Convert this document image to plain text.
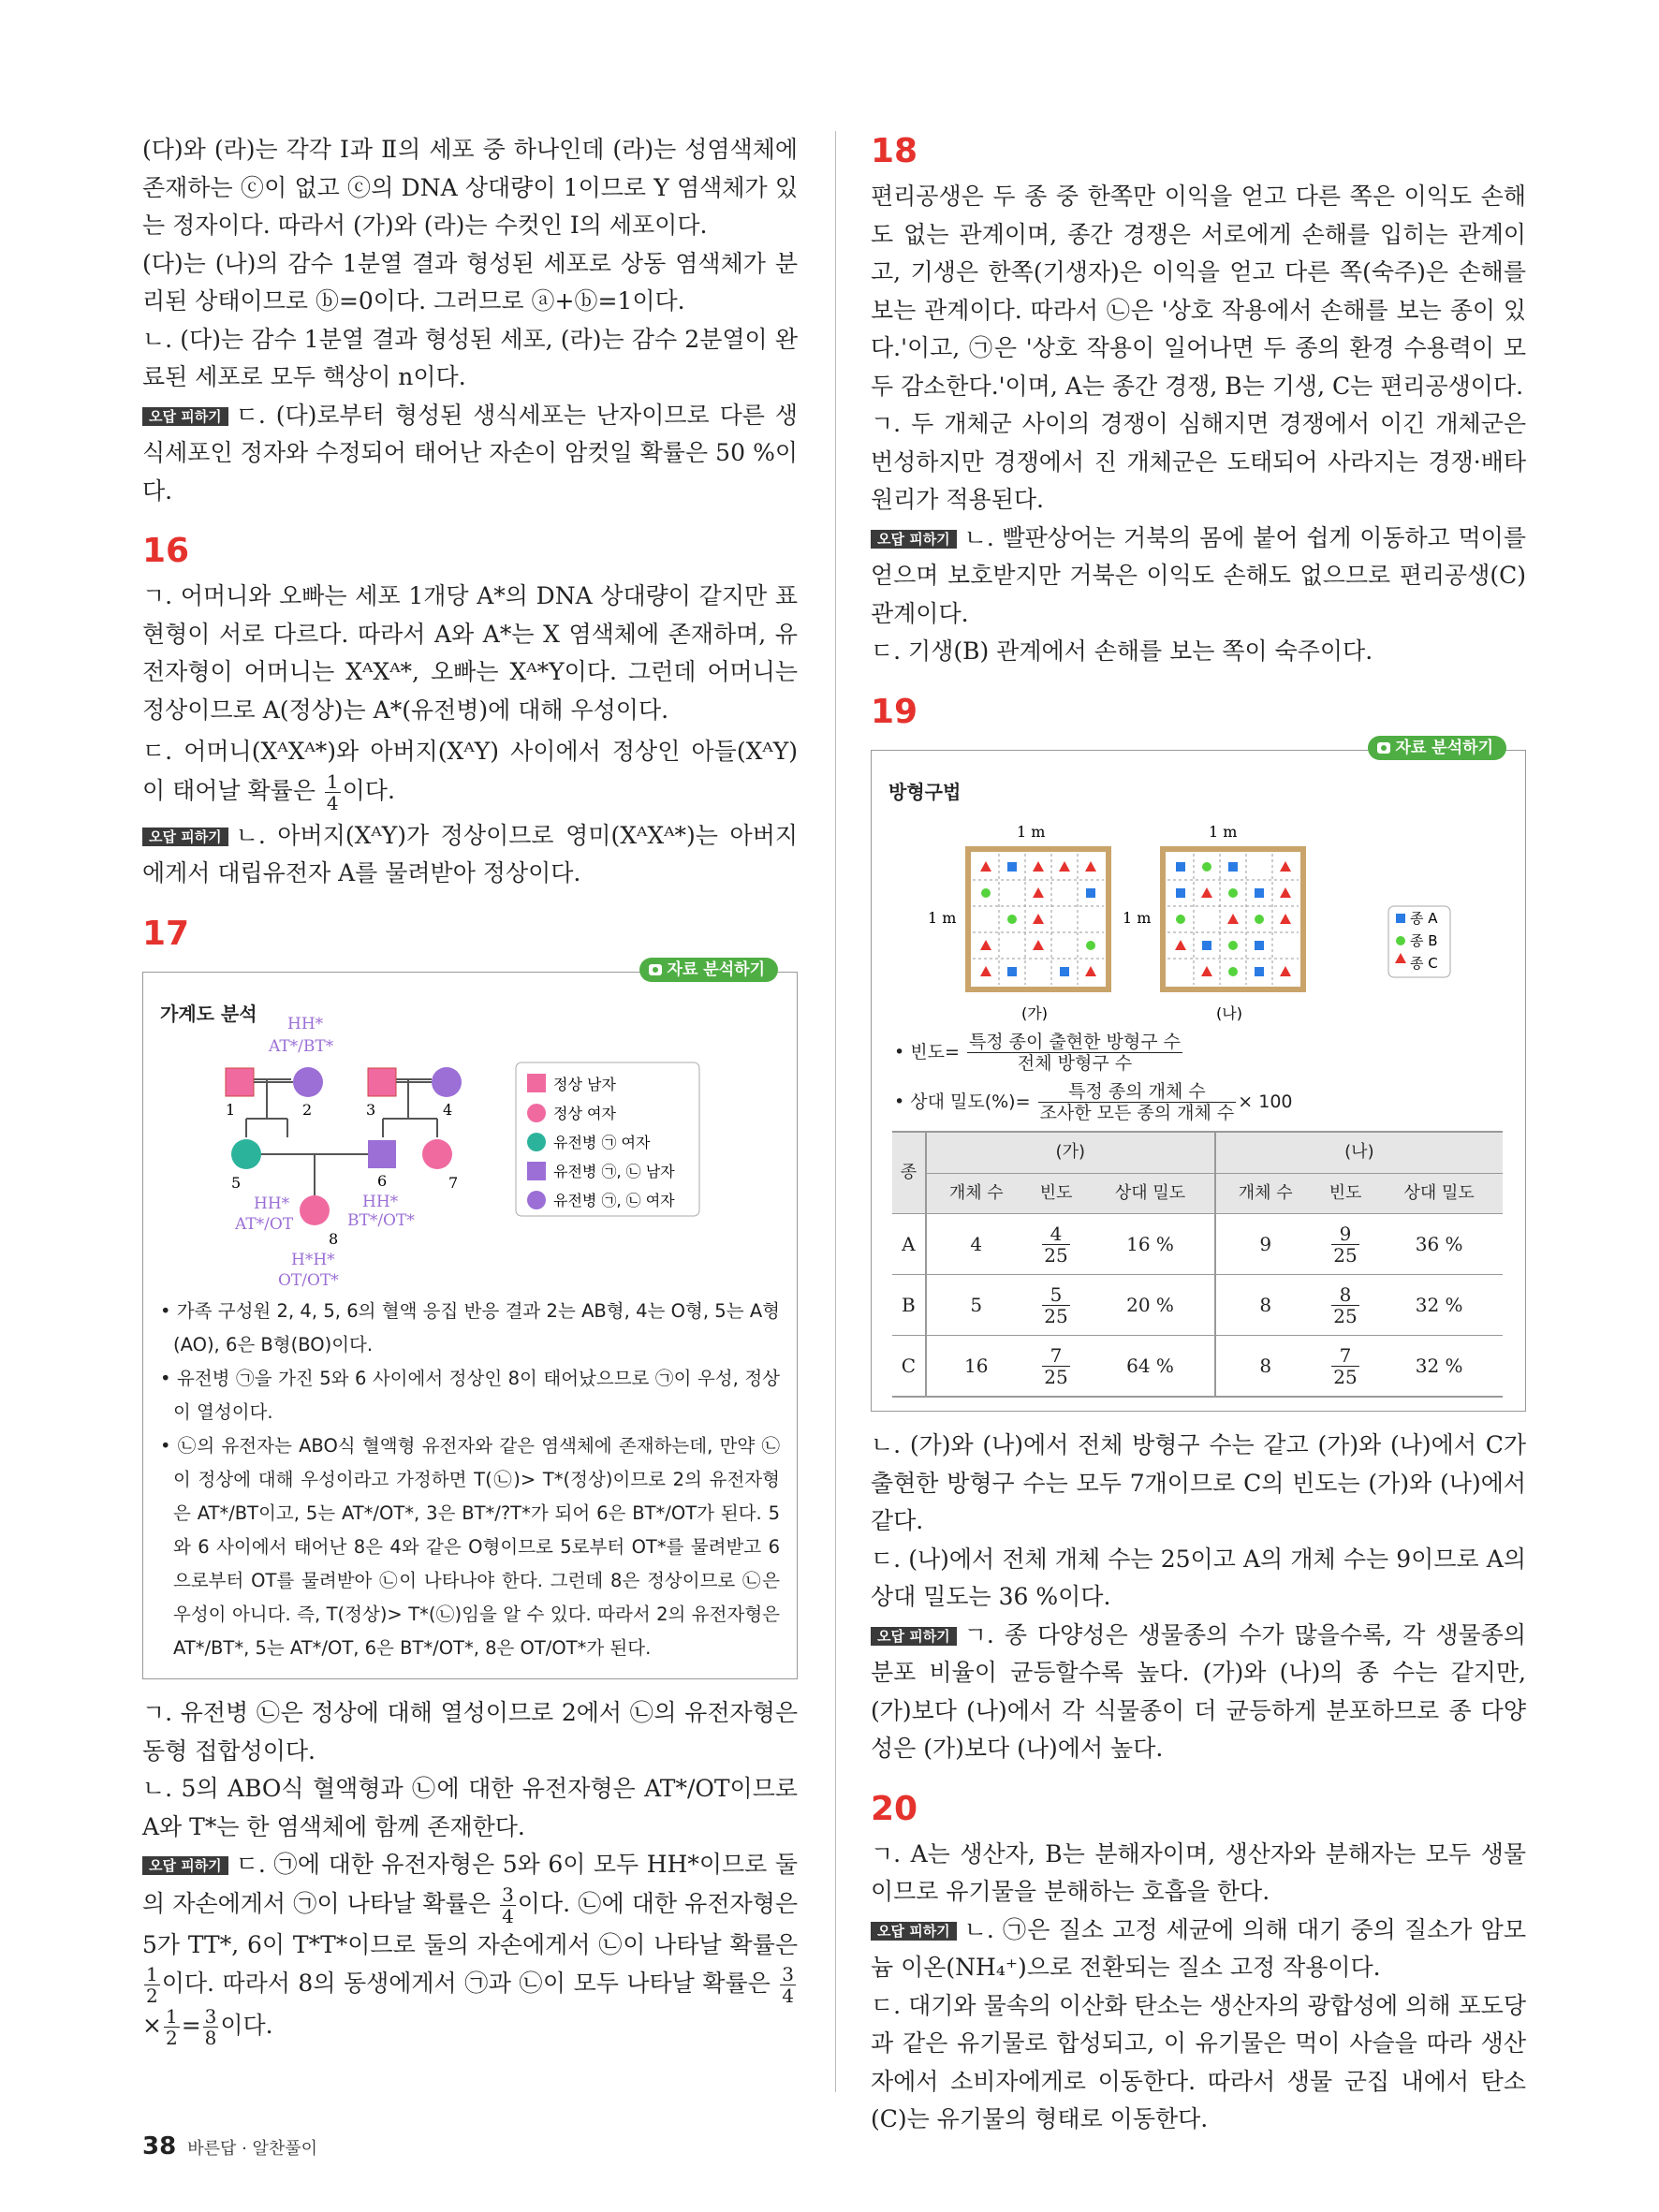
(다)와 (라)는 각각 Ⅰ과 Ⅱ의 세포 중 하나인데 (라)는 성염색체에 존재하는 ⓒ이 없고 ⓒ의 DNA 상대량이 1이므로 Y 염색체가 있는 정자이다. 따라서 (가)와 (라)는 수컷인 Ⅰ의 세포이다.

(다)는 (나)의 감수 1분열 결과 형성된 세포로 상동 염색체가 분리된 상태이므로 ⓑ=0이다. 그러므로 ⓐ+ⓑ=1이다.

ㄴ. (다)는 감수 1분열 결과 형성된 세포, (라)는 감수 2분열이 완료된 세포로 모두 핵상이 n이다.

오답 피하기 ㄷ. (다)로부터 형성된 생식세포는 난자이므로 다른 생식세포인 정자와 수정되어 태어난 자손이 암컷일 확률은 50 %이다.

16

ㄱ. 어머니와 오빠는 세포 1개당 A*의 DNA 상대량이 같지만 표현형이 서로 다르다. 따라서 A와 A*는 X 염색체에 존재하며, 유전자형이 어머니는 XᴬXᴬ*, 오빠는 Xᴬ*Y이다. 그런데 어머니는 정상이므로 A(정상)는 A*(유전병)에 대해 우성이다.

ㄷ. 어머니(XᴬXᴬ*)와 아버지(XᴬY) 사이에서 정상인 아들(XᴬY)이 태어날 확률은 $\frac{1}{4}$ 이다.

오답 피하기 ㄴ. 아버지(XᴬY)가 정상이므로 영미(XᴬXᴬ*)는 아버지에게서 대립유전자 A를 물려받아 정상이다.

17
자료 분석하기
가계도 분석
1	2	3	4
5	6	7
8
HH*
AT*/BT*
HH*
AT*/OT
HH*
BT*/OT*
H*H*
OT/OT*
정상 남자
정상 여자
유전병 ㉠ 여자
유전병 ㉠, ㉡ 남자
유전병 ㉠, ㉡ 여자

• 가족 구성원 2, 4, 5, 6의 혈액 응집 반응 결과 2는 AB형, 4는 O형, 5는 A형(AO), 6은 B형(BO)이다.

• 유전병 ㉠을 가진 5와 6 사이에서 정상인 8이 태어났으므로 ㉠이 우성, 정상이 열성이다.

• ㉡의 유전자는 ABO식 혈액형 유전자와 같은 염색체에 존재하는데, 만약 ㉡이 정상에 대해 우성이라고 가정하면 T(㉡)> T*(정상)이므로 2의 유전자형은 AT*/BT이고, 5는 AT*/OT*, 3은 BT*/?T*가 되어 6은 BT*/OT가 된다. 5와 6 사이에서 태어난 8은 4와 같은 O형이므로 5로부터 OT*를 물려받고 6으로부터 OT를 물려받아 ㉡이 나타나야 한다. 그런데 8은 정상이므로 ㉡은 우성이 아니다. 즉, T(정상)> T*(㉡)임을 알 수 있다. 따라서 2의 유전자형은 AT*/BT*, 5는 AT*/OT, 6은 BT*/OT*, 8은 OT/OT*가 된다.

ㄱ. 유전병 ㉡은 정상에 대해 열성이므로 2에서 ㉡의 유전자형은 동형 접합성이다.

ㄴ. 5의 ABO식 혈액형과 ㉡에 대한 유전자형은 AT*/OT이므로 A와 T*는 한 염색체에 함께 존재한다.

오답 피하기 ㄷ. ㉠에 대한 유전자형은 5와 6이 모두 HH*이므로 둘의 자손에게서 ㉠이 나타날 확률은 $\frac{3}{4}$ 이다. ㉡에 대한 유전자형은 5가 TT*, 6이 T*T*이므로 둘의 자손에게서 ㉡이 나타날 확률은
$\frac{1}{2}$ 이다. 따라서 8의 동생에게서 ㉠과 ㉡이 모두 나타날 확률은 $\frac{3}{4}$
× $\frac{1}{2} = \frac{3}{8}$ 이다.

18

편리공생은 두 종 중 한쪽만 이익을 얻고 다른 쪽은 이익도 손해도 없는 관계이며, 종간 경쟁은 서로에게 손해를 입히는 관계이고, 기생은 한쪽(기생자)은 이익을 얻고 다른 쪽(숙주)은 손해를 보는 관계이다. 따라서 ㉡은 '상호 작용에서 손해를 보는 종이 있다.'이고, ㉠은 '상호 작용이 일어나면 두 종의 환경 수용력이 모두 감소한다.'이며, A는 종간 경쟁, B는 기생, C는 편리공생이다.

ㄱ. 두 개체군 사이의 경쟁이 심해지면 경쟁에서 이긴 개체군은 번성하지만 경쟁에서 진 개체군은 도태되어 사라지는 경쟁·배타 원리가 적용된다.

오답 피하기 ㄴ. 빨판상어는 거북의 몸에 붙어 쉽게 이동하고 먹이를 얻으며 보호받지만 거북은 이익도 손해도 없으므로 편리공생(C) 관계이다.

ㄷ. 기생(B) 관계에서 손해를 보는 쪽이 숙주이다.

19
자료 분석하기
방형구법
1 m	1 m
1 m	1 m
(가)	(나)
종 A
종 B
종 C
• 빈도= $\frac{\text{특정 종이 출현한 방형구 수}}{\text{전체 방형구 수}}$
• 상대 밀도(%)= $\frac{\text{특정 종의 개체 수}}{\text{조사한 모든 종의 개체 수}} \times 100$
종	(가)			(나)		
	개체 수	빈도	상대 밀도	개체 수	빈도	상대 밀도
A	4	$\frac{4}{25}$	16 %	9	$\frac{9}{25}$	36 %
B	5	$\frac{5}{25}$	20 %	8	$\frac{8}{25}$	32 %
C	16	$\frac{7}{25}$	64 %	8	$\frac{7}{25}$	32 %

ㄴ. (가)와 (나)에서 전체 방형구 수는 같고 (가)와 (나)에서 C가 출현한 방형구 수는 모두 7개이므로 C의 빈도는 (가)와 (나)에서 같다.

ㄷ. (나)에서 전체 개체 수는 25이고 A의 개체 수는 9이므로 A의 상대 밀도는 36 %이다.

오답 피하기 ㄱ. 종 다양성은 생물종의 수가 많을수록, 각 생물종의 분포 비율이 균등할수록 높다. (가)와 (나)의 종 수는 같지만, (가)보다 (나)에서 각 식물종이 더 균등하게 분포하므로 종 다양성은 (가)보다 (나)에서 높다.

20

ㄱ. A는 생산자, B는 분해자이며, 생산자와 분해자는 모두 생물이므로 유기물을 분해하는 호흡을 한다.

오답 피하기 ㄴ. ㉠은 질소 고정 세균에 의해 대기 중의 질소가 암모늄 이온(NH₄⁺)으로 전환되는 질소 고정 작용이다.

ㄷ. 대기와 물속의 이산화 탄소는 생산자의 광합성에 의해 포도당과 같은 유기물로 합성되고, 이 유기물은 먹이 사슬을 따라 생산자에서 소비자에게로 이동한다. 따라서 생물 군집 내에서 탄소(C)는 유기물의 형태로 이동한다.

38 바른답 · 알찬풀이
